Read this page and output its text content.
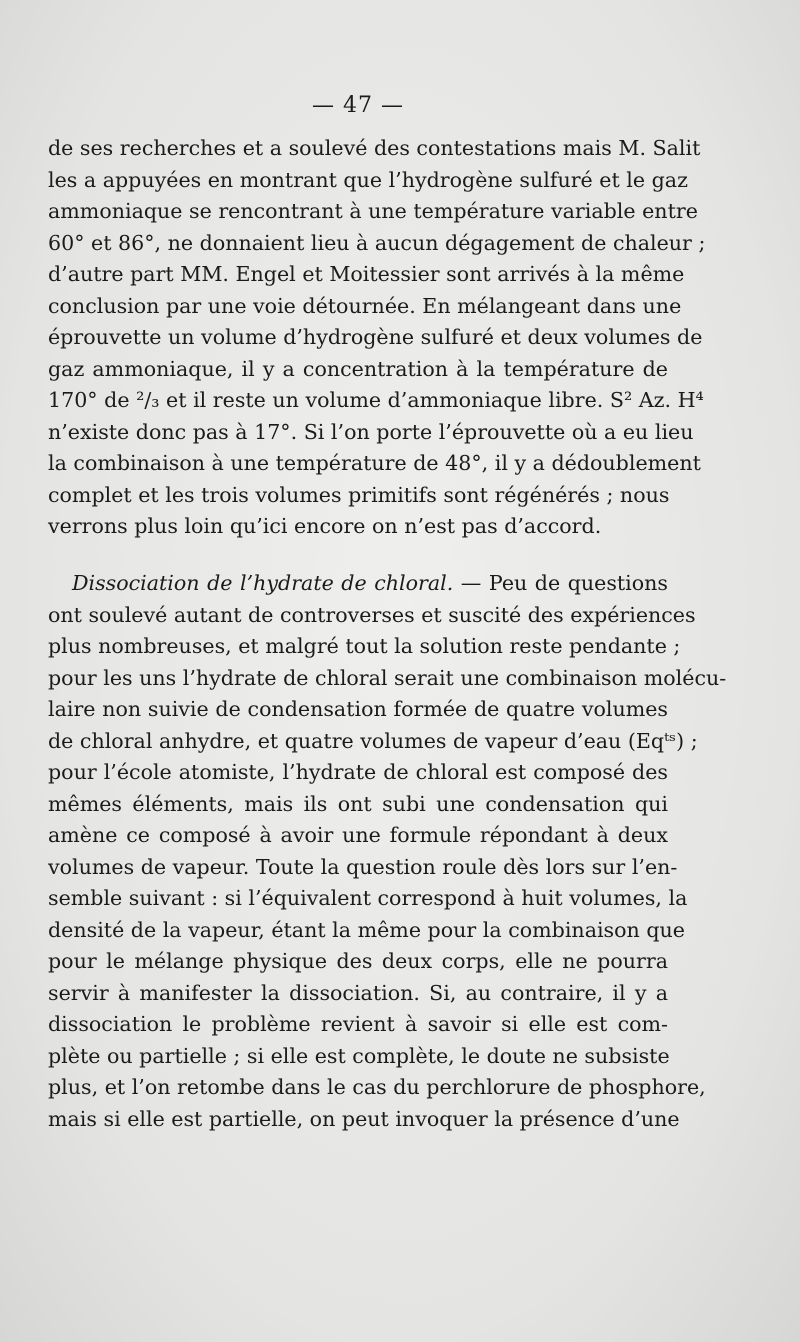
— 47 —
de ses recherches et a soulevé des contestations mais M. Salit
les a appuyées en montrant que l’hydrogène sulfuré et le gaz
ammoniaque se rencontrant à une température variable entre
60° et 86°, ne donnaient lieu à aucun dégagement de chaleur ;
d’autre part MM. Engel et Moitessier sont arrivés à la même
conclusion par une voie détournée. En mélangeant dans une
éprouvette un volume d’hydrogène sulfuré et deux volumes de
gaz ammoniaque, il y a concentration à la température de
170° de ²/₃ et il reste un volume d’ammoniaque libre. S² Az. H⁴
n’existe donc pas à 17°. Si l’on porte l’éprouvette où a eu lieu
la combinaison à une température de 48°, il y a dédoublement
complet et les trois volumes primitifs sont régénérés ; nous
verrons plus loin qu’ici encore on n’est pas d’accord.
Dissociation de l’hydrate de chloral. — Peu de questions
ont soulevé autant de controverses et suscité des expériences
plus nombreuses, et malgré tout la solution reste pendante ;
pour les uns l’hydrate de chloral serait une combinaison molécu-
laire non suivie de condensation formée de quatre volumes
de chloral anhydre, et quatre volumes de vapeur d’eau (Eqᵗˢ) ;
pour l’école atomiste, l’hydrate de chloral est composé des
mêmes éléments, mais ils ont subi une condensation qui
amène ce composé à avoir une formule répondant à deux
volumes de vapeur. Toute la question roule dès lors sur l’en-
semble suivant : si l’équivalent correspond à huit volumes, la
densité de la vapeur, étant la même pour la combinaison que
pour le mélange physique des deux corps, elle ne pourra
servir à manifester la dissociation. Si, au contraire, il y a
dissociation le problème revient à savoir si elle est com-
plète ou partielle ; si elle est complète, le doute ne subsiste
plus, et l’on retombe dans le cas du perchlorure de phosphore,
mais si elle est partielle, on peut invoquer la présence d’une
